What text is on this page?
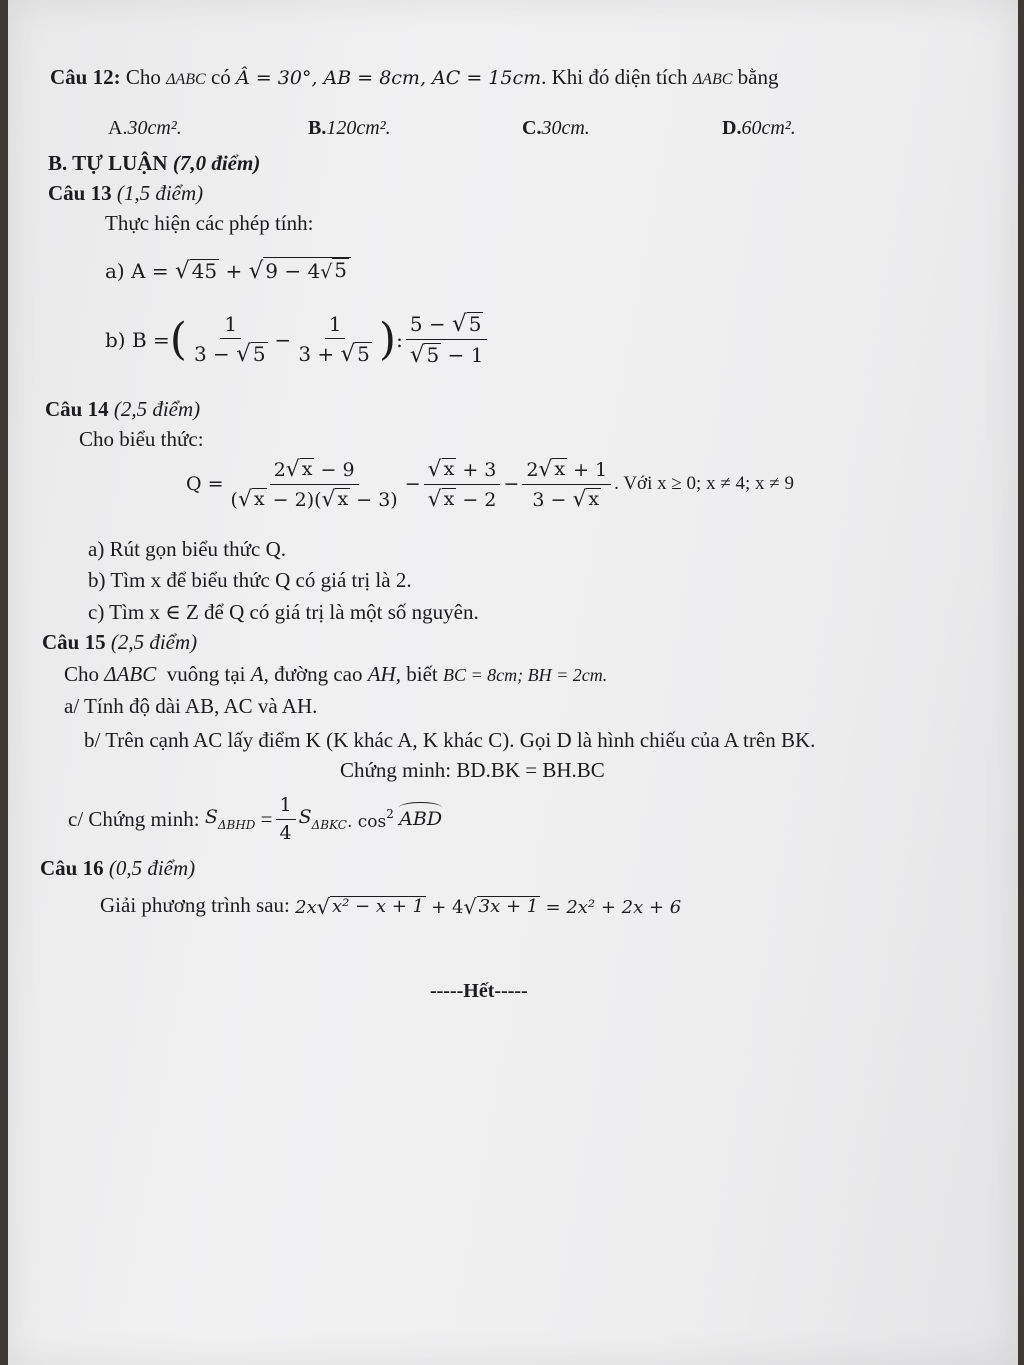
Câu 12: Cho ΔABC có Â = 30°, AB = 8cm, AC = 15cm. Khi đó diện tích ΔABC bằng
A.30cm².	B.120cm².	C.30cm.	D.60cm².
B. TỰ LUẬN (7,0 điểm)
Câu 13 (1,5 điểm)
Thực hiện các phép tính:
a) A =
√ 45
+
√ 9 − 4 √ 5
b) B = ( $\frac{1}{3 - √ 5} - \frac{1}{3 + √ 5}$ ) : $\frac{5 - √ 5}{√ 5 - 1}$
Câu 14 (2,5 điểm)
Cho biểu thức:
$Q = \frac{2 √ x - 9}{( √ x - 2)( √ x - 3)} - \frac{√ x + 3}{√ x - 2} - \frac{2 √ x + 1}{3 - √ x}$ . Với x ≥ 0; x ≠ 4; x ≠ 9
a) Rút gọn biểu thức Q.
b) Tìm x để biểu thức Q có giá trị là 2.
c) Tìm x ∈ Z để Q có giá trị là một số nguyên.
Câu 15 (2,5 điểm)
Cho ΔABC vuông tại A, đường cao AH, biết BC = 8cm; BH = 2cm.
a/ Tính độ dài AB, AC và AH.
b/ Trên cạnh AC lấy điểm K (K khác A, K khác C). Gọi D là hình chiếu của A trên BK.
Chứng minh: BD.BK = BH.BC
c/ Chứng minh:
$S_{\Delta BHD}$
= $\frac{1}{4} S_{\Delta BKC}$ . $\cos^2$
ABD
Câu 16 (0,5 điểm)
Giải phương trình sau:
2x √ x² − x + 1
+ 4 √ 3x + 1
= 2x² + 2x + 6
-----Hết-----
